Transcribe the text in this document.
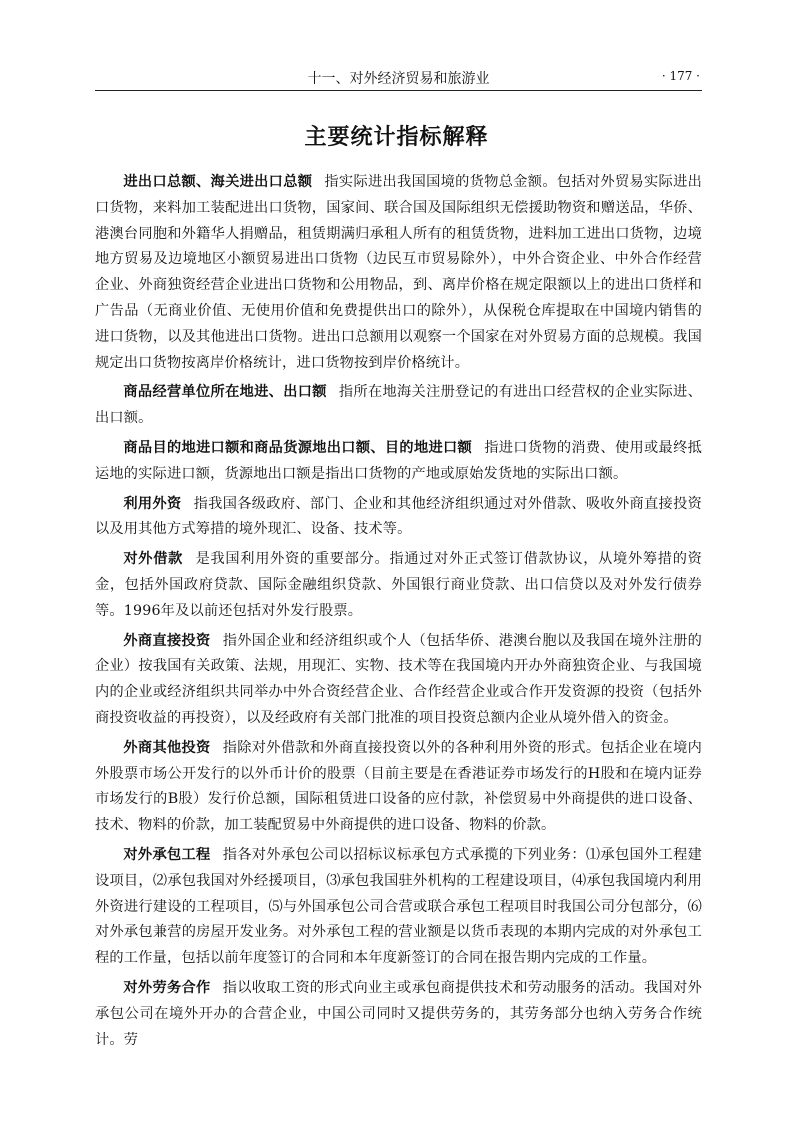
十一、对外经济贸易和旅游业	· 177 ·
主要统计指标解释

进出口总额、海关进出口总额 指实际进出我国国境的货物总金额。包括对外贸易实际进出口货物，来料加工装配进出口货物，国家间、联合国及国际组织无偿援助物资和赠送品，华侨、港澳台同胞和外籍华人捐赠品，租赁期满归承租人所有的租赁货物，进料加工进出口货物，边境地方贸易及边境地区小额贸易进出口货物（边民互市贸易除外），中外合资企业、中外合作经营企业、外商独资经营企业进出口货物和公用物品，到、离岸价格在规定限额以上的进出口货样和广告品（无商业价值、无使用价值和免费提供出口的除外），从保税仓库提取在中国境内销售的进口货物，以及其他进出口货物。进出口总额用以观察一个国家在对外贸易方面的总规模。我国规定出口货物按离岸价格统计，进口货物按到岸价格统计。

商品经营单位所在地进、出口额 指所在地海关注册登记的有进出口经营权的企业实际进、出口额。

商品目的地进口额和商品货源地出口额、目的地进口额 指进口货物的消费、使用或最终抵运地的实际进口额，货源地出口额是指出口货物的产地或原始发货地的实际出口额。

利用外资 指我国各级政府、部门、企业和其他经济组织通过对外借款、吸收外商直接投资以及用其他方式筹措的境外现汇、设备、技术等。

对外借款 是我国利用外资的重要部分。指通过对外正式签订借款协议，从境外筹措的资金，包括外国政府贷款、国际金融组织贷款、外国银行商业贷款、出口信贷以及对外发行债券等。1996年及以前还包括对外发行股票。

外商直接投资 指外国企业和经济组织或个人（包括华侨、港澳台胞以及我国在境外注册的企业）按我国有关政策、法规，用现汇、实物、技术等在我国境内开办外商独资企业、与我国境内的企业或经济组织共同举办中外合资经营企业、合作经营企业或合作开发资源的投资（包括外商投资收益的再投资），以及经政府有关部门批准的项目投资总额内企业从境外借入的资金。

外商其他投资 指除对外借款和外商直接投资以外的各种利用外资的形式。包括企业在境内外股票市场公开发行的以外币计价的股票（目前主要是在香港证券市场发行的H股和在境内证券市场发行的B股）发行价总额，国际租赁进口设备的应付款，补偿贸易中外商提供的进口设备、技术、物料的价款，加工装配贸易中外商提供的进口设备、物料的价款。

对外承包工程 指各对外承包公司以招标议标承包方式承揽的下列业务：⑴承包国外工程建设项目，⑵承包我国对外经援项目，⑶承包我国驻外机构的工程建设项目，⑷承包我国境内利用外资进行建设的工程项目，⑸与外国承包公司合营或联合承包工程项目时我国公司分包部分，⑹对外承包兼营的房屋开发业务。对外承包工程的营业额是以货币表现的本期内完成的对外承包工程的工作量，包括以前年度签订的合同和本年度新签订的合同在报告期内完成的工作量。

对外劳务合作 指以收取工资的形式向业主或承包商提供技术和劳动服务的活动。我国对外承包公司在境外开办的合营企业，中国公司同时又提供劳务的，其劳务部分也纳入劳务合作统计。劳
